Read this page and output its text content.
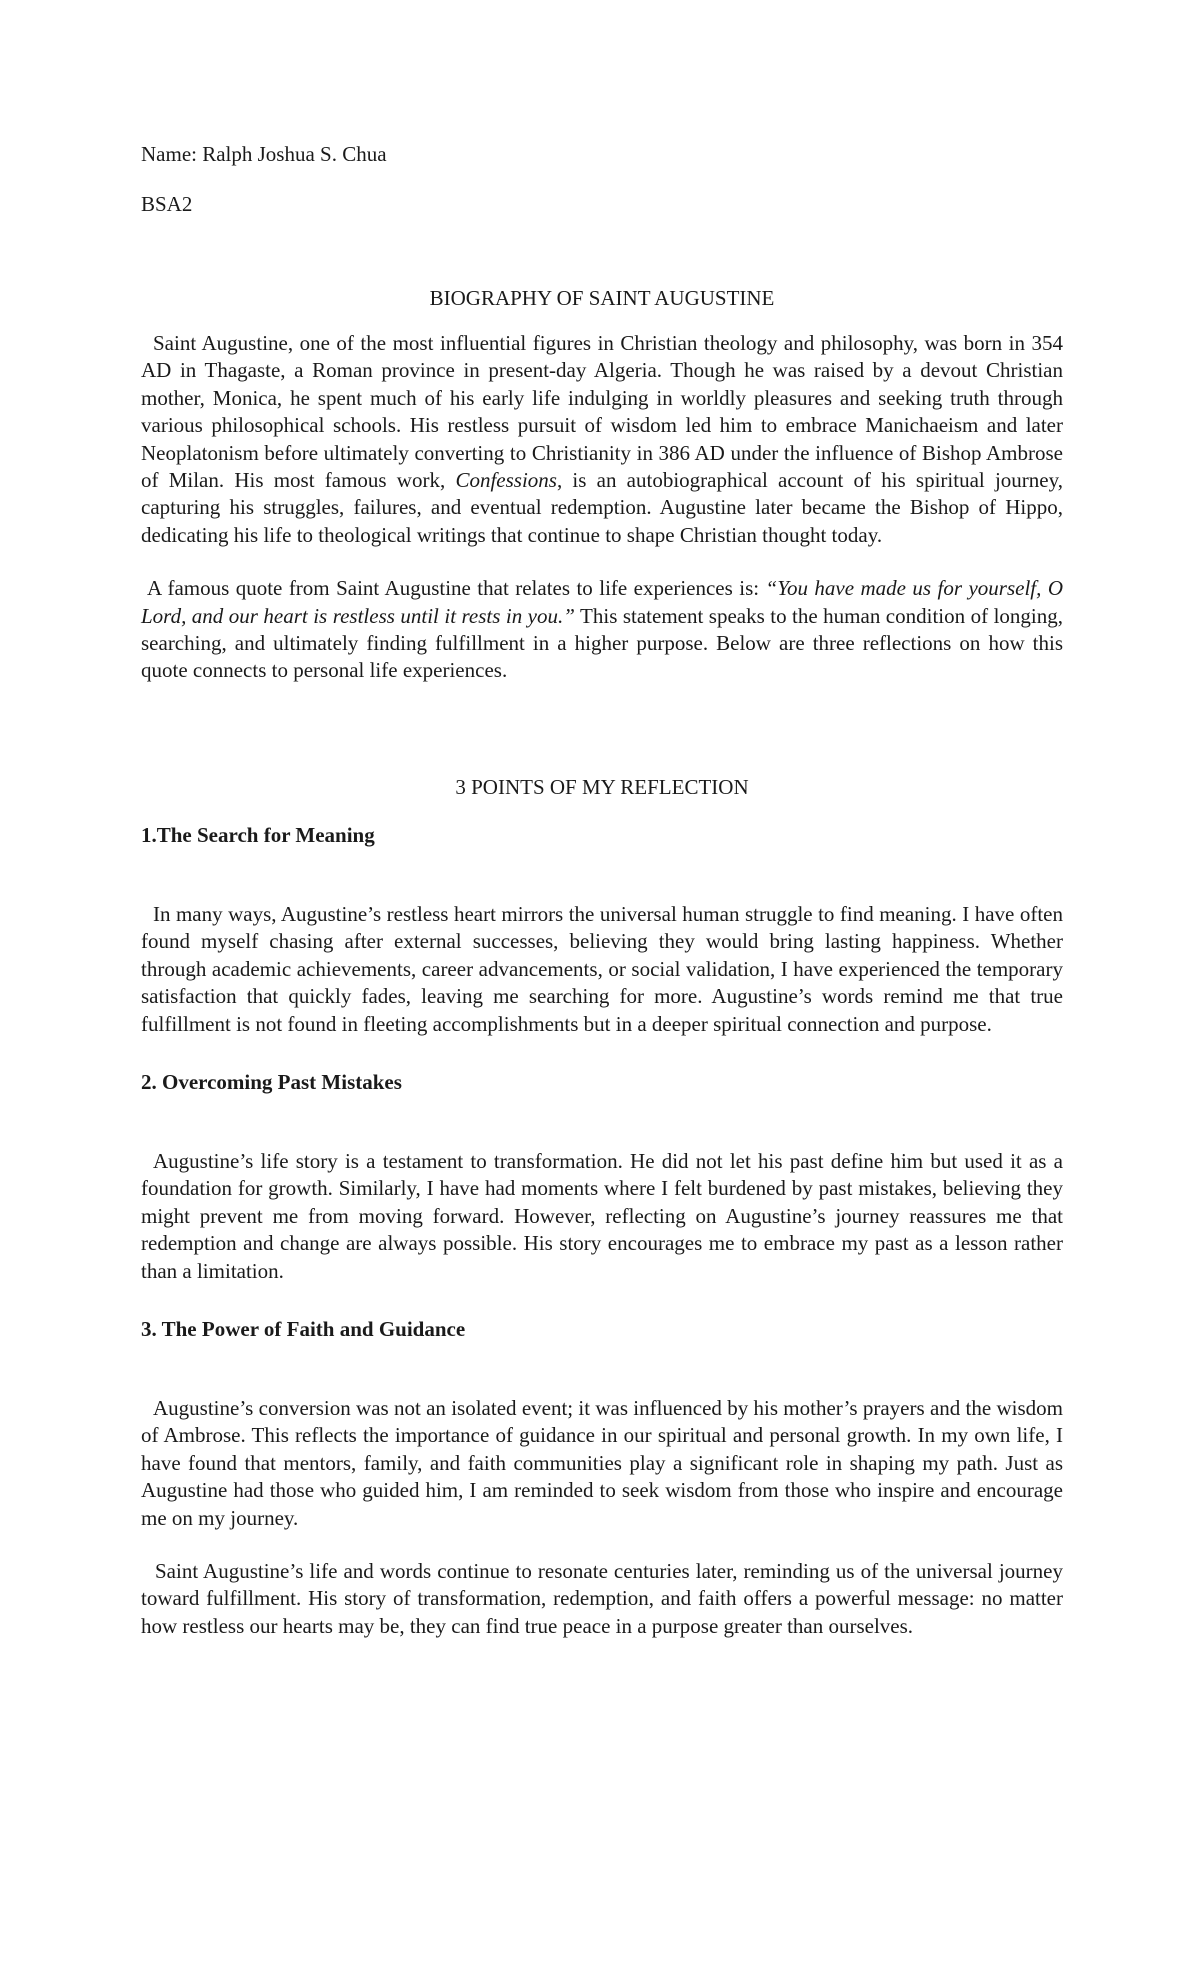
Name: Ralph Joshua S. Chua

BSA2

BIOGRAPHY OF SAINT AUGUSTINE

Saint Augustine, one of the most influential figures in Christian theology and philosophy, was born in 354 AD in Thagaste, a Roman province in present-day Algeria. Though he was raised by a devout Christian mother, Monica, he spent much of his early life indulging in worldly pleasures and seeking truth through various philosophical schools. His restless pursuit of wisdom led him to embrace Manichaeism and later Neoplatonism before ultimately converting to Christianity in 386 AD under the influence of Bishop Ambrose of Milan. His most famous work, Confessions, is an autobiographical account of his spiritual journey, capturing his struggles, failures, and eventual redemption. Augustine later became the Bishop of Hippo, dedicating his life to theological writings that continue to shape Christian thought today.

A famous quote from Saint Augustine that relates to life experiences is: “You have made us for yourself, O Lord, and our heart is restless until it rests in you.” This statement speaks to the human condition of longing, searching, and ultimately finding fulfillment in a higher purpose. Below are three reflections on how this quote connects to personal life experiences.

3 POINTS OF MY REFLECTION

1.The Search for Meaning

In many ways, Augustine’s restless heart mirrors the universal human struggle to find meaning. I have often found myself chasing after external successes, believing they would bring lasting happiness. Whether through academic achievements, career advancements, or social validation, I have experienced the temporary satisfaction that quickly fades, leaving me searching for more. Augustine’s words remind me that true fulfillment is not found in fleeting accomplishments but in a deeper spiritual connection and purpose.

2. Overcoming Past Mistakes

Augustine’s life story is a testament to transformation. He did not let his past define him but used it as a foundation for growth. Similarly, I have had moments where I felt burdened by past mistakes, believing they might prevent me from moving forward. However, reflecting on Augustine’s journey reassures me that redemption and change are always possible. His story encourages me to embrace my past as a lesson rather than a limitation.

3. The Power of Faith and Guidance

Augustine’s conversion was not an isolated event; it was influenced by his mother’s prayers and the wisdom of Ambrose. This reflects the importance of guidance in our spiritual and personal growth. In my own life, I have found that mentors, family, and faith communities play a significant role in shaping my path. Just as Augustine had those who guided him, I am reminded to seek wisdom from those who inspire and encourage me on my journey.

Saint Augustine’s life and words continue to resonate centuries later, reminding us of the universal journey toward fulfillment. His story of transformation, redemption, and faith offers a powerful message: no matter how restless our hearts may be, they can find true peace in a purpose greater than ourselves.
